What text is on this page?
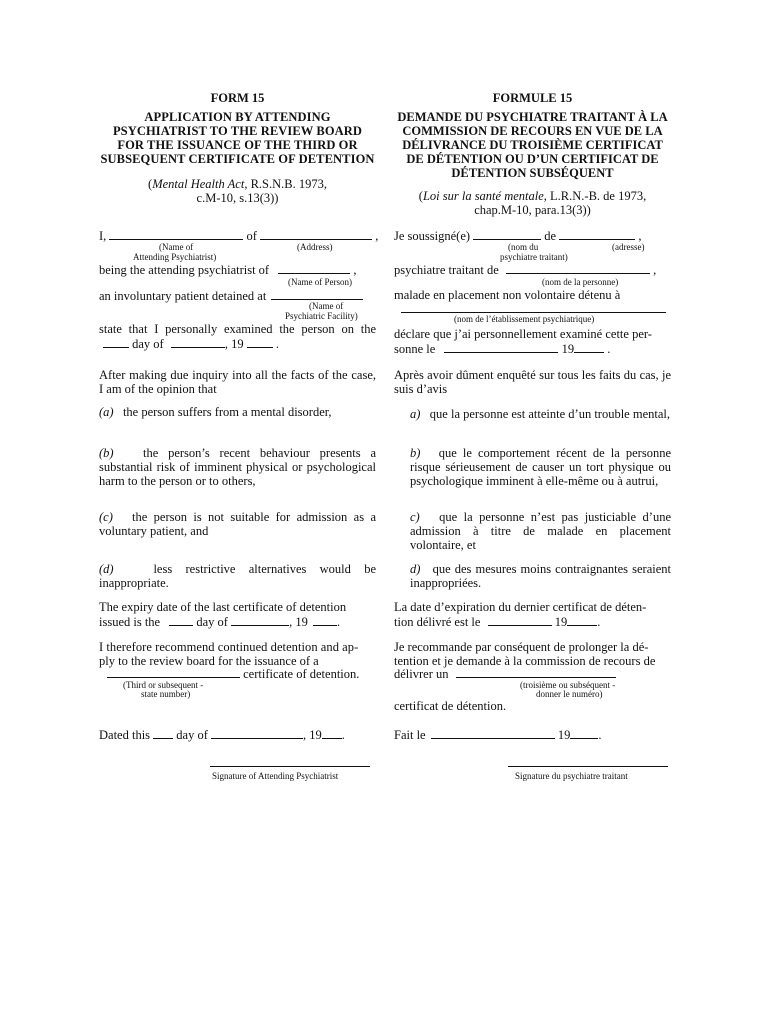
FORM 15
APPLICATION BY ATTENDING PSYCHIATRIST TO THE REVIEW BOARD FOR THE ISSUANCE OF THE THIRD OR SUBSEQUENT CERTIFICATE OF DETENTION
(Mental Health Act, R.S.N.B. 1973,
c.M-10, s.13(3))
I,	of	,
(Name of
Attending Psychiatrist)
(Address)
being the attending psychiatrist of	,
(Name of Person)
an involuntary patient detained at
(Name of
Psychiatric Facility)
state that I personally examined the person on the
day of	, 19	.
After making due inquiry into all the facts of the case, I am of the opinion that
(a) the person suffers from a mental disorder,
(b) the person’s recent behaviour presents a substantial risk of imminent physical or psychological harm to the person or to others,
(c) the person is not suitable for admission as a voluntary patient, and
(d)	less restrictive alternatives would be inappropriate.
The expiry date of the last certificate of detention
issued is the	day of	, 19 .
I therefore recommend continued detention and ap-
ply to the review board for the issuance of a
certificate of detention.
(Third or subsequent -
state number)
Dated this day of	, 19 .
Signature of Attending Psychiatrist
FORMULE 15
DEMANDE DU PSYCHIATRE TRAITANT À LA COMMISSION DE RECOURS EN VUE DE LA DÉLIVRANCE DU TROISIÈME CERTIFICAT DE DÉTENTION OU D’UN CERTIFICAT DE DÉTENTION SUBSÉQUENT
(Loi sur la santé mentale, L.R.N.-B. de 1973,
chap.M-10, para.13(3))
Je soussigné(e)	de	,
(nom du
psychiatre traitant)
(adresse)
psychiatre traitant de	,
(nom de la personne)
malade en placement non volontaire détenu à
(nom de l’établissement psychiatrique)
déclare que j’ai personnellement examiné cette per-
sonne le	19	.
Après avoir dûment enquêté sur tous les faits du cas, je suis d’avis
a) que la personne est atteinte d’un trouble mental,
b) que le comportement récent de la personne risque sérieusement de causer un tort physique ou psychologique imminent à elle-même ou à autrui,
c) que la personne n’est pas justiciable d’une admission à titre de malade en placement volontaire, et
d) que des mesures moins contraignantes seraient inappropriées.
La date d’expiration du dernier certificat de déten-
tion délivré est le	19 .
Je recommande par conséquent de prolonger la dé-
tention et je demande à la commission de recours de
délivrer un
(troisième ou subséquent -
donner le numéro)
certificat de détention.
Fait le	19 .
Signature du psychiatre traitant
